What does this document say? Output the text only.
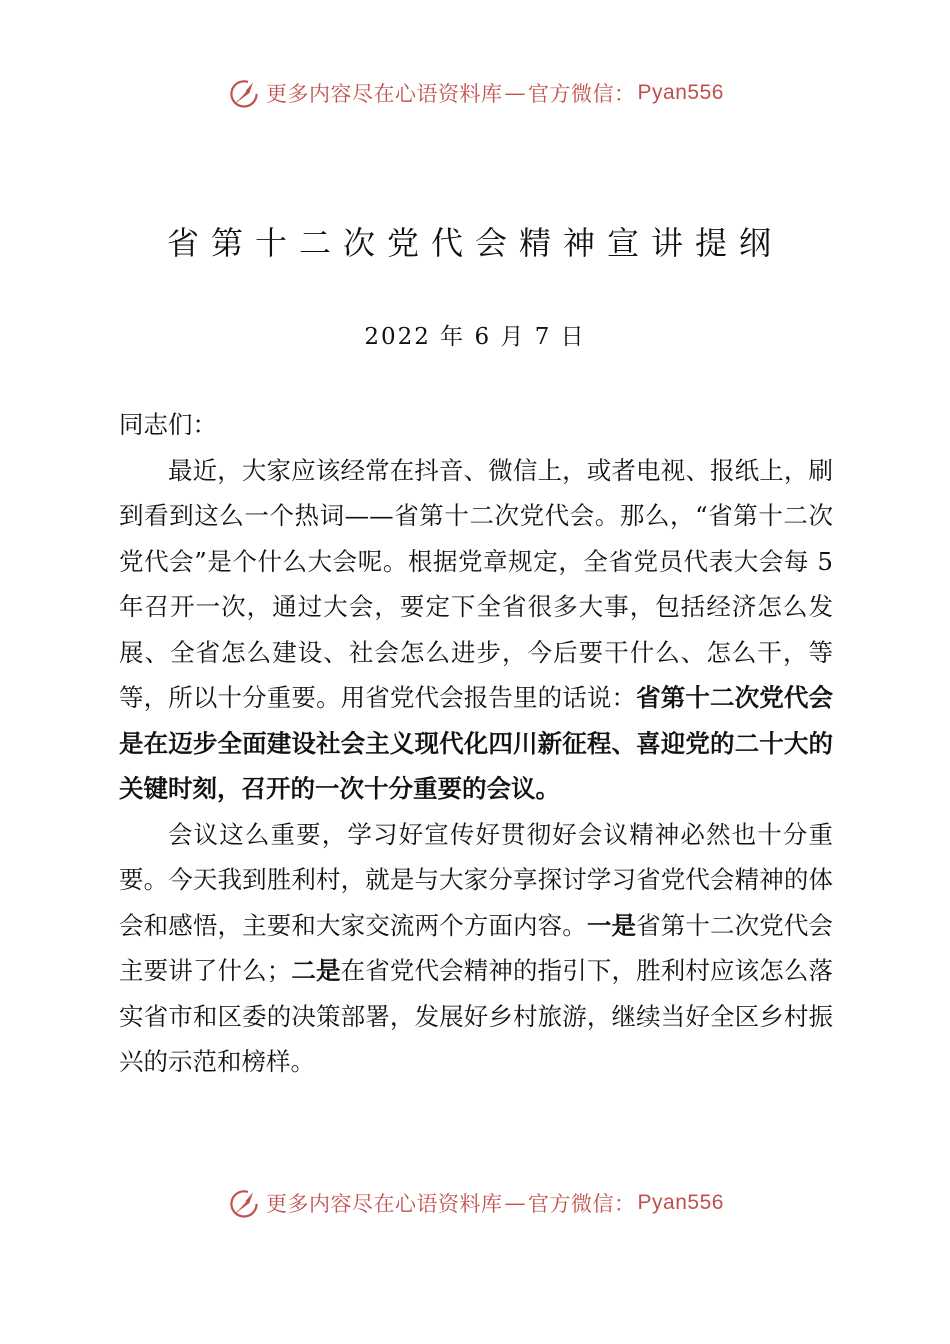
更多内容尽在心语资料库 — 官方微信： Pyan556
省第十二次党代会精神宣讲提纲
2022 年 6 月 7 日

同志们：

最近，大家应该经常在抖音、微信上，或者电视、报纸上，刷到看到这么一个热词——省第十二次党代会。那么，“省第十二次党代会”是个什么大会呢。根据党章规定，全省党员代表大会每 5 年召开一次，通过大会，要定下全省很多大事，包括经济怎么发展、全省怎么建设、社会怎么进步，今后要干什么、怎么干，等等，所以十分重要。用省党代会报告里的话说：省第十二次党代会是在迈步全面建设社会主义现代化四川新征程、喜迎党的二十大的关键时刻，召开的一次十分重要的会议。

会议这么重要，学习好宣传好贯彻好会议精神必然也十分重要。今天我到胜利村，就是与大家分享探讨学习省党代会精神的体会和感悟，主要和大家交流两个方面内容。一是省第十二次党代会主要讲了什么；二是在省党代会精神的指引下，胜利村应该怎么落实省市和区委的决策部署，发展好乡村旅游，继续当好全区乡村振兴的示范和榜样。

更多内容尽在心语资料库 — 官方微信： Pyan556
